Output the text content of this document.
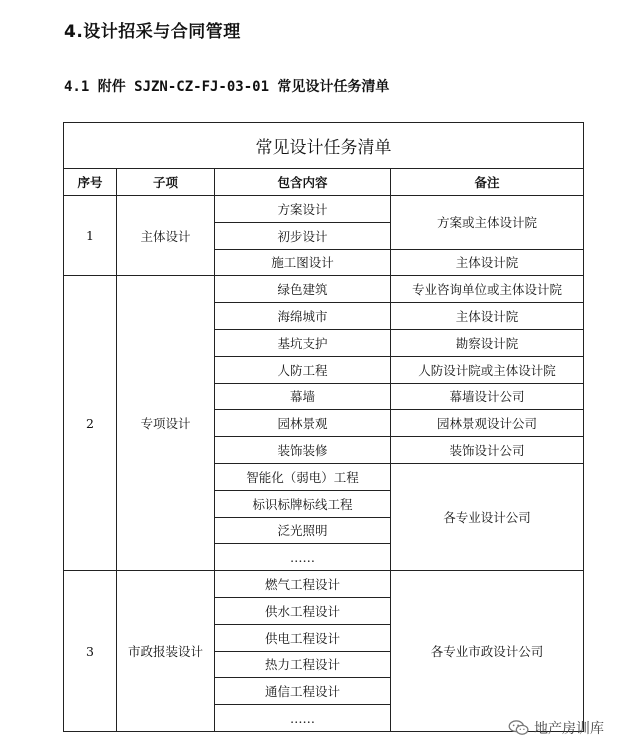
4.设计招采与合同管理
4.1 附件 SJZN-CZ-FJ-03-01 常见设计任务清单
常见设计任务清单			
序号	子项	包含内容	备注
1	主体设计	方案设计	方案或主体设计院
		初步设计	
		施工图设计	主体设计院
2	专项设计	绿色建筑	专业咨询单位或主体设计院
		海绵城市	主体设计院
		基坑支护	勘察设计院
		人防工程	人防设计院或主体设计院
		幕墙	幕墙设计公司
		园林景观	园林景观设计公司
		装饰装修	装饰设计公司
		智能化（弱电）工程	各专业设计公司
		标识标牌标线工程	
		泛光照明	
		……	
3	市政报装设计	燃气工程设计	各专业市政设计公司
		供水工程设计	
		供电工程设计	
		热力工程设计	
		通信工程设计	
		……	
地产房训库
